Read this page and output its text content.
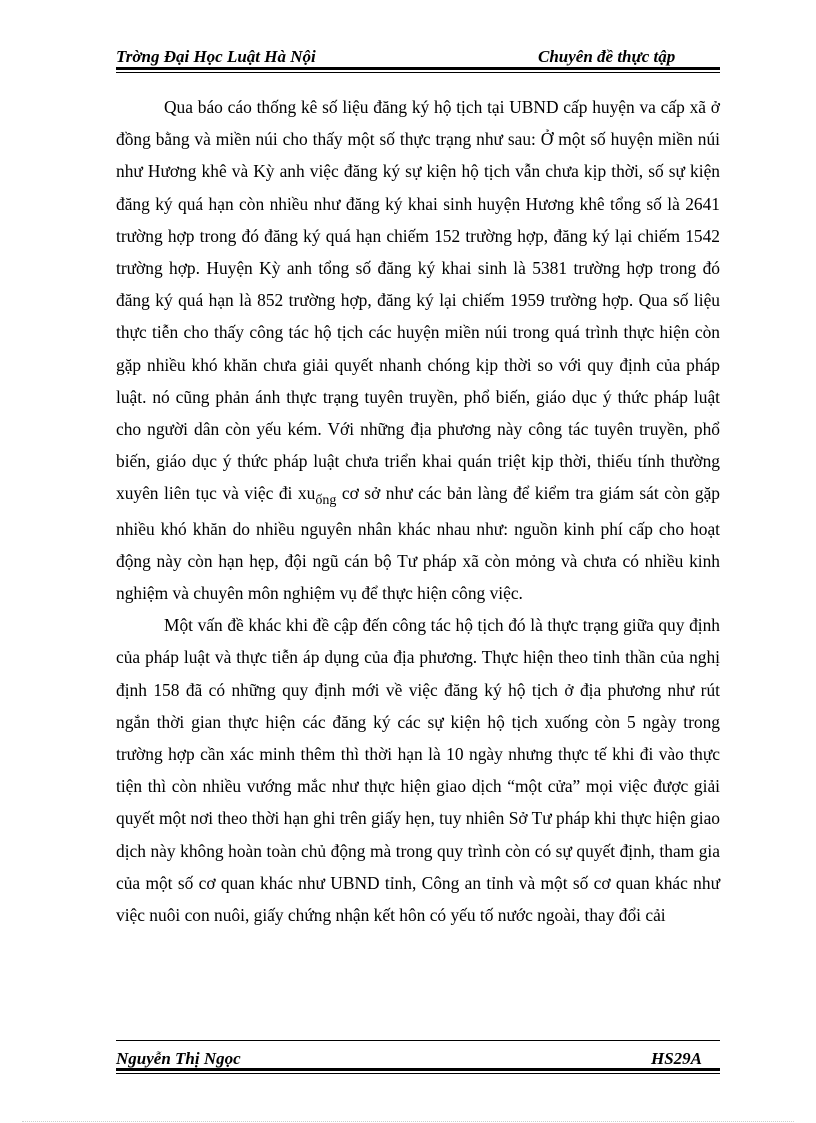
Trờng Đại Học Luật Hà Nội	Chuyên đề thực tập

Qua báo cáo thống kê số liệu đăng ký hộ tịch tại UBND cấp huyện va cấp xã ở đồng bằng và miền núi cho thấy một số thực trạng như sau: Ở một số huyện miền núi như Hương khê và Kỳ anh việc đăng ký sự kiện hộ tịch vẫn chưa kịp thời, số sự kiện đăng ký quá hạn còn nhiều như đăng ký khai sinh huyện Hương khê tổng số là 2641 trường hợp trong đó đăng ký quá hạn chiếm 152 trường hợp, đăng ký lại chiếm 1542 trường hợp. Huyện Kỳ anh tổng số đăng ký khai sinh là 5381 trường hợp trong đó đăng ký quá hạn là 852 trường hợp, đăng ký lại chiếm 1959 trường hợp. Qua số liệu thực tiễn cho thấy công tác hộ tịch các huyện miền núi trong quá trình thực hiện còn gặp nhiều khó khăn chưa giải quyết nhanh chóng kịp thời so với quy định của pháp luật. nó cũng phản ánh thực trạng tuyên truyền, phổ biến, giáo dục ý thức pháp luật cho người dân còn yếu kém. Với những địa phương này công tác tuyên truyền, phổ biến, giáo dục ý thức pháp luật chưa triển khai quán triệt kịp thời, thiếu tính thường xuyên liên tục và việc đi $xu_{ống}$ cơ sở như các bản làng để kiểm tra giám sát còn gặp nhiều khó khăn do nhiều nguyên nhân khác nhau như: nguồn kinh phí cấp cho hoạt động này còn hạn hẹp, đội ngũ cán bộ Tư pháp xã còn mỏng và chưa có nhiều kinh nghiệm và chuyên môn nghiệm vụ để thực hiện công việc.

Một vấn đề khác khi đề cập đến công tác hộ tịch đó là thực trạng giữa quy định của pháp luật và thực tiễn áp dụng của địa phương. Thực hiện theo tinh thần của nghị định 158 đã có những quy định mới về việc đăng ký hộ tịch ở địa phương như rút ngắn thời gian thực hiện các đăng ký các sự kiện hộ tịch xuống còn 5 ngày trong trường hợp cần xác minh thêm thì thời hạn là 10 ngày nhưng thực tế khi đi vào thực tiện thì còn nhiều vướng mắc như thực hiện giao dịch “một cửa” mọi việc được giải quyết một nơi theo thời hạn ghi trên giấy hẹn, tuy nhiên Sở Tư pháp khi thực hiện giao dịch này không hoàn toàn chủ động mà trong quy trình còn có sự quyết định, tham gia của một số cơ quan khác như UBND tỉnh, Công an tỉnh và một số cơ quan khác như việc nuôi con nuôi, giấy chứng nhận kết hôn có yếu tố nước ngoài, thay đổi cải

Nguyễn Thị Ngọc	HS29A
